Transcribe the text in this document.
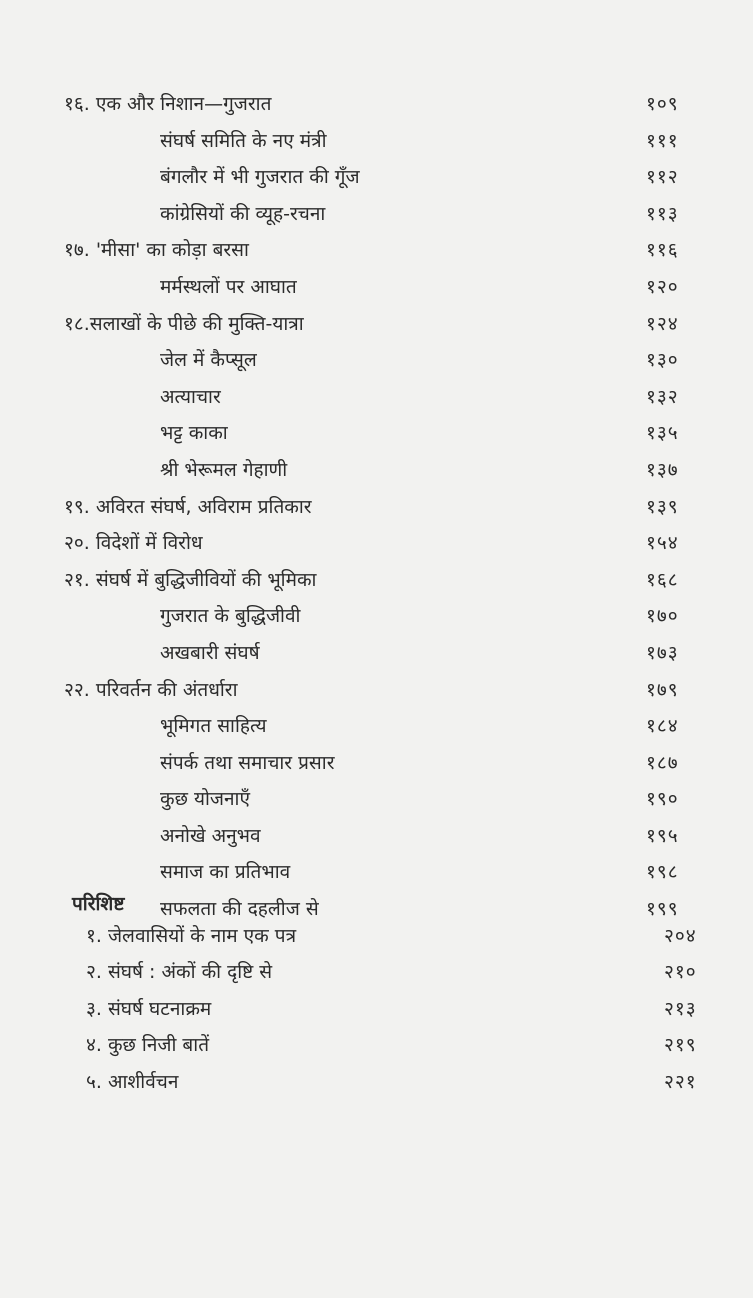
१६. एक और निशान—गुजरात	१०९
संघर्ष समिति के नए मंत्री	१११
बंगलौर में भी गुजरात की गूँज	११२
कांग्रेसियों की व्यूह-रचना	११३
१७. 'मीसा' का कोड़ा बरसा	११६
मर्मस्थलों पर आघात	१२०
१८.सलाखों के पीछे की मुक्ति-यात्रा	१२४
जेल में कैप्सूल	१३०
अत्याचार	१३२
भट्ट काका	१३५
श्री भेरूमल गेहाणी	१३७
१९. अविरत संघर्ष, अविराम प्रतिकार	१३९
२०. विदेशों में विरोध	१५४
२१. संघर्ष में बुद्धिजीवियों की भूमिका	१६८
गुजरात के बुद्धिजीवी	१७०
अखबारी संघर्ष	१७३
२२. परिवर्तन की अंतर्धारा	१७९
भूमिगत साहित्य	१८४
संपर्क तथा समाचार प्रसार	१८७
कुछ योजनाएँ	१९०
अनोखे अनुभव	१९५
समाज का प्रतिभाव	१९८
सफलता की दहलीज से	१९९
परिशिष्ट
१. जेलवासियों के नाम एक पत्र	२०४
२. संघर्ष : अंकों की दृष्टि से	२१०
३. संघर्ष घटनाक्रम	२१३
४. कुछ निजी बातें	२१९
५. आशीर्वचन	२२१
